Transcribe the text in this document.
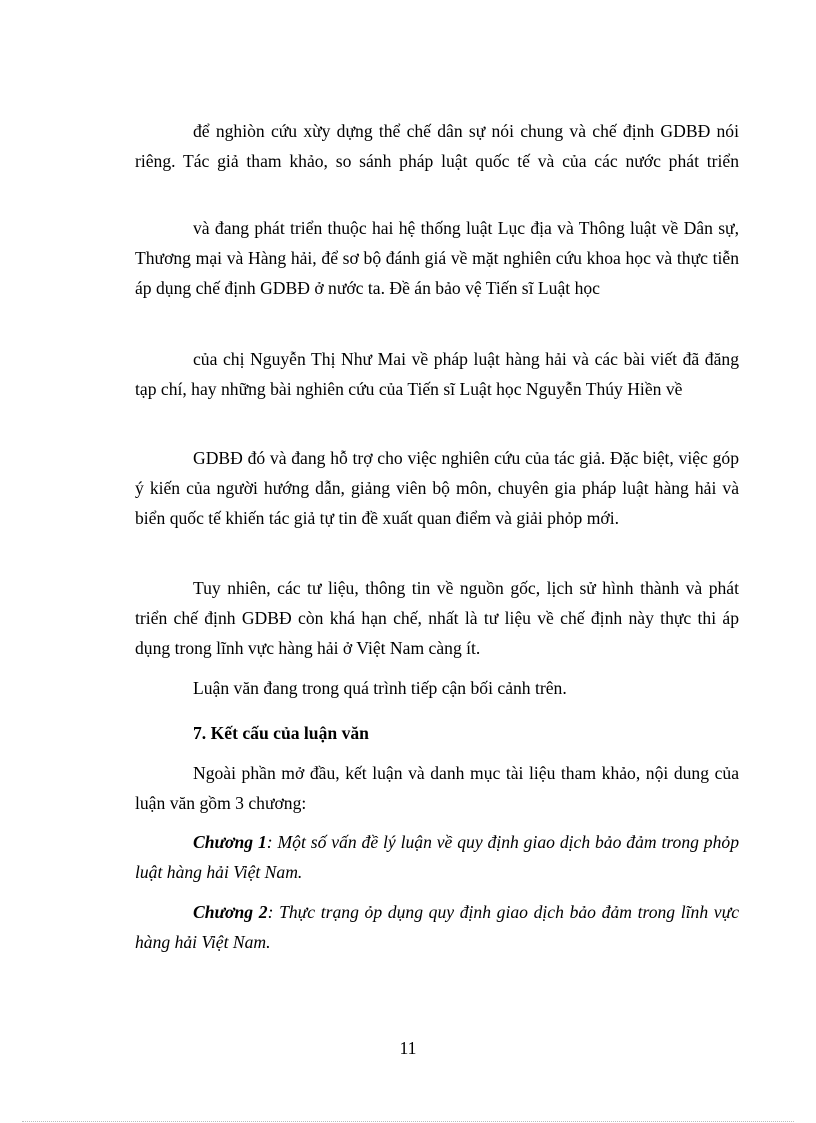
để nghiòn cứu xừy dựng thể chế dân sự nói chung và chế định GDBĐ nói riêng. Tác giả tham khảo, so sánh pháp luật quốc tế và của các nước phát triển

và đang phát triển thuộc hai hệ thống luật Lục địa và Thông luật về Dân sự, Thương mại và Hàng hải, để sơ bộ đánh giá về mặt nghiên cứu khoa học và thực tiễn áp dụng chế định GDBĐ ở nước ta. Đề án bảo vệ Tiến sĩ Luật học

của chị Nguyễn Thị Như Mai về pháp luật hàng hải và các bài viết đã đăng tạp chí, hay những bài nghiên cứu của Tiến sĩ Luật học Nguyễn Thúy Hiền về

GDBĐ đó và đang hỗ trợ cho việc nghiên cứu của tác giả. Đặc biệt, việc góp ý kiến của người hướng dẫn, giảng viên bộ môn, chuyên gia pháp luật hàng hải và biển quốc tế khiến tác giả tự tin đề xuất quan điểm và giải phỏp mới.

Tuy nhiên, các tư liệu, thông tin về nguồn gốc, lịch sử hình thành và phát triển chế định GDBĐ còn khá hạn chế, nhất là tư liệu về chế định này thực thi áp dụng trong lĩnh vực hàng hải ở Việt Nam càng ít.

Luận văn đang trong quá trình tiếp cận bối cảnh trên.

7. Kết cấu của luận văn

Ngoài phần mở đầu, kết luận và danh mục tài liệu tham khảo, nội dung của luận văn gồm 3 chương:

Chương 1: Một số vấn đề lý luận về quy định giao dịch bảo đảm trong phỏp luật hàng hải Việt Nam.

Chương 2: Thực trạng ỏp dụng quy định giao dịch bảo đảm trong lĩnh vực hàng hải Việt Nam.

11
